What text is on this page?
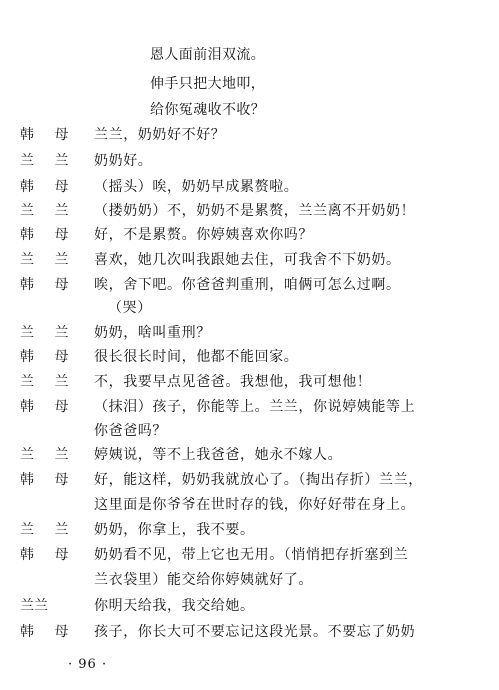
恩人面前泪双流。
伸手只把大地叩，
给你冤魂收不收？
韩 母 兰兰，奶奶好不好？
兰 兰 奶奶好。
韩 母 （摇头）唉，奶奶早成累赘啦。
兰 兰 （搂奶奶）不，奶奶不是累赘，兰兰离不开奶奶！
韩 母 好，不是累赘。你婷姨喜欢你吗？
兰 兰 喜欢，她几次叫我跟她去住，可我舍不下奶奶。
韩 母 唉，舍下吧。你爸爸判重刑，咱俩可怎么过啊。
（哭）
兰 兰 奶奶，啥叫重刑？
韩 母 很长很长时间，他都不能回家。
兰 兰 不，我要早点见爸爸。我想他，我可想他！
韩 母 （抹泪）孩子，你能等上。兰兰，你说婷姨能等上
你爸爸吗？
兰 兰 婷姨说，等不上我爸爸，她永不嫁人。
韩 母 好，能这样，奶奶我就放心了。（掏出存折）兰兰，
这里面是你爷爷在世时存的钱，你好好带在身上。
兰 兰 奶奶，你拿上，我不要。
韩 母 奶奶看不见，带上它也无用。（悄悄把存折塞到兰
兰衣袋里）能交给你婷姨就好了。
兰兰	你明天给我，我交给她。
韩 母 孩子，你长大可不要忘记这段光景。不要忘了奶奶
· 96 ·
